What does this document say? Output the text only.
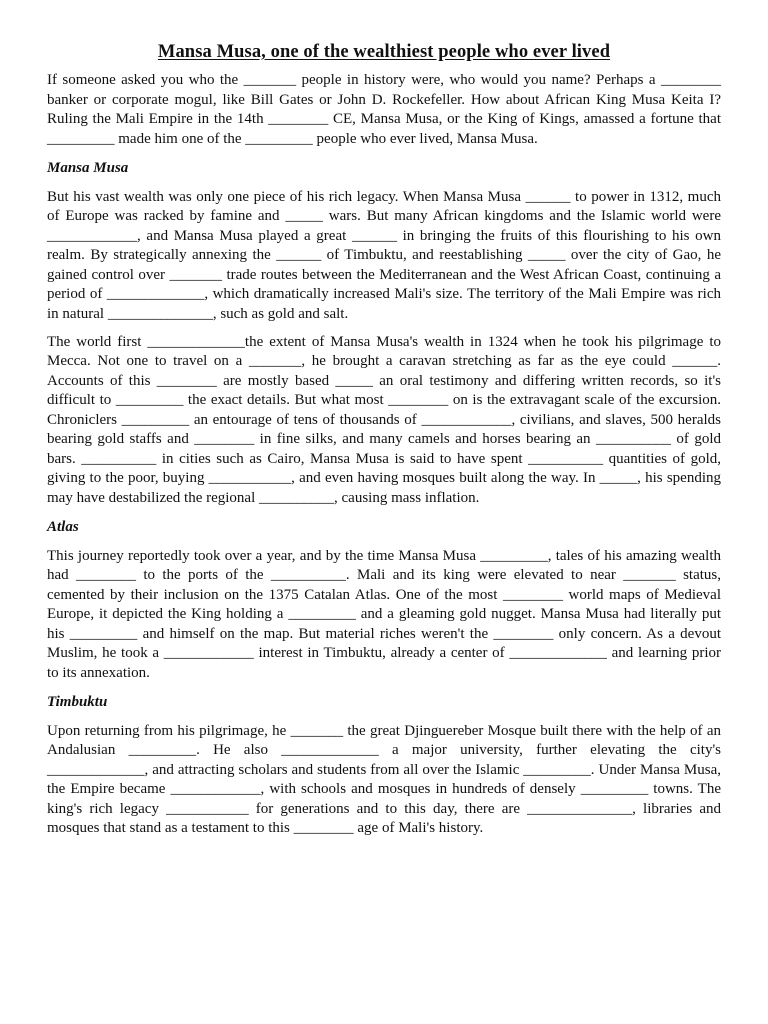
Mansa Musa, one of the wealthiest people who ever lived

If someone asked you who the _______ people in history were, who would you name? Perhaps a ________ banker or corporate mogul, like Bill Gates or John D. Rockefeller. How about African King Musa Keita I? Ruling the Mali Empire in the 14th ________ CE, Mansa Musa, or the King of Kings, amassed a fortune that _________ made him one of the _________ people who ever lived, Mansa Musa.

Mansa Musa

But his vast wealth was only one piece of his rich legacy. When Mansa Musa ______ to power in 1312, much of Europe was racked by famine and _____ wars. But many African kingdoms and the Islamic world were ____________, and Mansa Musa played a great ______ in bringing the fruits of this flourishing to his own realm. By strategically annexing the ______ of Timbuktu, and reestablishing _____ over the city of Gao, he gained control over _______ trade routes between the Mediterranean and the West African Coast, continuing a period of _____________, which dramatically increased Mali's size. The territory of the Mali Empire was rich in natural ______________, such as gold and salt.

The world first _____________the extent of Mansa Musa's wealth in 1324 when he took his pilgrimage to Mecca. Not one to travel on a _______, he brought a caravan stretching as far as the eye could ______. Accounts of this ________ are mostly based _____ an oral testimony and differing written records, so it's difficult to _________ the exact details. But what most ________ on is the extravagant scale of the excursion. Chroniclers _________ an entourage of tens of thousands of ____________, civilians, and slaves, 500 heralds bearing gold staffs and ________ in fine silks, and many camels and horses bearing an __________ of gold bars. __________ in cities such as Cairo, Mansa Musa is said to have spent __________ quantities of gold, giving to the poor, buying ___________, and even having mosques built along the way. In _____, his spending may have destabilized the regional __________, causing mass inflation.

Atlas

This journey reportedly took over a year, and by the time Mansa Musa _________, tales of his amazing wealth had ________ to the ports of the __________. Mali and its king were elevated to near _______ status, cemented by their inclusion on the 1375 Catalan Atlas. One of the most ________ world maps of Medieval Europe, it depicted the King holding a _________ and a gleaming gold nugget. Mansa Musa had literally put his _________ and himself on the map. But material riches weren't the ________ only concern. As a devout Muslim, he took a ____________ interest in Timbuktu, already a center of _____________ and learning prior to its annexation.

Timbuktu

Upon returning from his pilgrimage, he _______ the great Djinguereber Mosque built there with the help of an Andalusian _________. He also _____________ a major university, further elevating the city's _____________, and attracting scholars and students from all over the Islamic _________. Under Mansa Musa, the Empire became ____________, with schools and mosques in hundreds of densely _________ towns. The king's rich legacy ___________ for generations and to this day, there are ______________, libraries and mosques that stand as a testament to this ________ age of Mali's history.
